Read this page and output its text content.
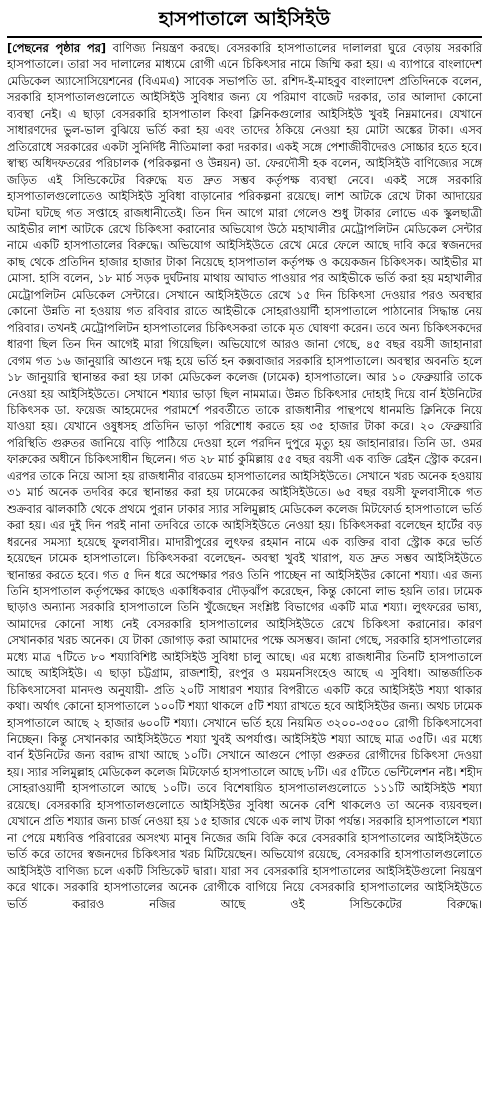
হাসপাতালে আইসিইউ

[পেছনের পৃষ্ঠার পর] বাণিজ্য নিয়ন্ত্রণ করছে। বেসরকারি হাসপাতালের দালালরা ঘুরে বেড়ায় সরকারি হাসপাতালে। তারা সব দালালের মাধ্যমে রোগী এনে চিকিৎসার নামে জিম্মি করা হয়। এ ব্যাপারে বাংলাদেশ মেডিকেল অ্যাসোসিয়েশনের (বিএমএ) সাবেক সভাপতি ডা. রশিদ-ই-মাহবুব বাংলাদেশ প্রতিদিনকে বলেন, সরকারি হাসপাতালগুলোতে আইসিইউ সুবিধার জন্য যে পরিমাণ বাজেট দরকার, তার আলাদা কোনো ব্যবস্থা নেই। এ ছাড়া বেসরকারি হাসপাতাল কিংবা ক্লিনিকগুলোর আইসিইউ খুবই নিম্নমানের। যেখানে সাধারণদের ভুল-ভাল বুঝিয়ে ভর্তি করা হয় এবং তাদের ঠকিয়ে নেওয়া হয় মোটা অঙ্কের টাকা। এসব প্রতিরোধে সরকারের একটা সুনির্দিষ্ট নীতিমালা করা দরকার। একই সঙ্গে পেশাজীবীদেরও সোচ্চার হতে হবে। স্বাস্থ্য অধিদফতরের পরিচালক (পরিকল্পনা ও উন্নয়ন) ডা. ফেরদৌসী হক বলেন, আইসিইউ বাণিজ্যের সঙ্গে জড়িত এই সিন্ডিকেটের বিরুদ্ধে যত দ্রুত সম্ভব কর্তৃপক্ষ ব্যবস্থা নেবে। একই সঙ্গে সরকারি হাসপাতালগুলোতেও আইসিইউ সুবিধা বাড়ানোর পরিকল্পনা রয়েছে। লাশ আটকে রেখে টাকা আদায়ের ঘটনা ঘটছে গত সপ্তাহে রাজধানীতেই। তিন দিন আগে মারা গেলেও শুধু টাকার লোভে এক স্কুলছাত্রী আইভীর লাশ আটকে রেখে চিকিৎসা করানোর অভিযোগ উঠে মহাখালীর মেট্রোপলিটন মেডিকেল সেন্টার নামে একটি হাসপাতালের বিরুদ্ধে। অভিযোগ আইসিইউতে রেখে মেরে ফেলে আছে দাবি করে স্বজনদের কাছ থেকে প্রতিদিন হাজার হাজার টাকা নিয়েছে হাসপাতাল কর্তৃপক্ষ ও কয়েকজন চিকিৎসক। আইভীর মা মোসা. হাসি বলেন, ১৮ মার্চ সড়ক দুর্ঘটনায় মাথায় আঘাত পাওয়ার পর আইভীকে ভর্তি করা হয় মহাখালীর মেট্রোপলিটন মেডিকেল সেন্টারে। সেখানে আইসিইউতে রেখে ১৫ দিন চিকিৎসা দেওয়ার পরও অবস্থার কোনো উন্নতি না হওয়ায় গত রবিবার রাতে আইভীকে সোহরাওয়ার্দী হাসপাতালে পাঠানোর সিদ্ধান্ত নেয় পরিবার। তখনই মেট্রোপলিটন হাসপাতালের চিকিৎসকরা তাকে মৃত ঘোষণা করেন। তবে অন্য চিকিৎসকদের ধারণা ছিল তিন দিন আগেই মারা গিয়েছিল। অভিযোগে আরও জানা গেছে, ৪৫ বছর বয়সী জাহানারা বেগম গত ১৬ জানুয়ারি আগুনে দগ্ধ হয়ে ভর্তি হন কক্সবাজার সরকারি হাসপাতালে। অবস্থার অবনতি হলে ১৮ জানুয়ারি স্থানান্তর করা হয় ঢাকা মেডিকেল কলেজ (ঢামেক) হাসপাতালে। আর ১০ ফেব্রুয়ারি তাকে নেওয়া হয় আইসিইউতে। সেখানে শয্যার ভাড়া ছিল নামমাত্র। উন্নত চিকিৎসার দোহাই দিয়ে বার্ন ইউনিটের চিকিৎসক ডা. ফয়েজ আহমেদের পরামর্শে পরবর্তীতে তাকে রাজধানীর পান্থপথে ধানমন্ডি ক্লিনিকে নিয়ে যাওয়া হয়। যেখানে ওষুধসহ প্রতিদিন ভাড়া পরিশোধ করতে হয় ৩৫ হাজার টাকা করে। ২০ ফেব্রুয়ারি পরিস্থিতি গুরুতর জানিয়ে বাড়ি পাঠিয়ে দেওয়া হলে পরদিন দুপুরে মৃত্যু হয় জাহানারার। তিনি ডা. ওমর ফারুকের অধীনে চিকিৎসাধীন ছিলেন। গত ২৮ মার্চ কুমিল্লায় ৫৫ বছর বয়সী এক ব্যক্তি ব্রেইন স্ট্রোক করেন। এরপর তাকে নিয়ে আসা হয় রাজধানীর বারডেম হাসপাতালের আইসিইউতে। সেখানে খরচ অনেক হওয়ায় ৩১ মার্চ অনেক তদবির করে স্থানান্তর করা হয় ঢামেকের আইসিইউতে। ৬৫ বছর বয়সী ফুলবাসীকে গত শুক্রবার ঝালকাঠি থেকে প্রথমে পুরান ঢাকার স্যার সলিমুল্লাহ মেডিকেল কলেজ মিটফোর্ড হাসপাতালে ভর্তি করা হয়। এর দুই দিন পরই নানা তদবিরে তাকে আইসিইউতে নেওয়া হয়। চিকিৎসকরা বলেছেন হার্টের বড় ধরনের সমস্যা হয়েছে ফুলবাসীর। মাদারীপুরের লুৎফর রহমান নামে এক ব্যক্তির বাবা স্ট্রোক করে ভর্তি হয়েছেন ঢামেক হাসপাতালে। চিকিৎসকরা বলেছেন- অবস্থা খুবই খারাপ, যত দ্রুত সম্ভব আইসিইউতে স্থানান্তর করতে হবে। গত ৫ দিন ধরে অপেক্ষার পরও তিনি পাচ্ছেন না আইসিইউর কোনো শয্যা। এর জন্য তিনি হাসপাতাল কর্তৃপক্ষের কাছেও একাধিকবার দৌড়ঝাঁপ করেছেন, কিন্তু কোনো লাভ হয়নি তার। ঢামেক ছাড়াও অন্যান্য সরকারি হাসপাতালে তিনি খুঁজেছেন সংশ্লিষ্ট বিভাগের একটি মাত্র শয্যা। লুৎফরের ভাষ্য, আমাদের কোনো সাধ্য নেই বেসরকারি হাসপাতালের আইসিইউতে রেখে চিকিৎসা করানোর। কারণ সেখানকার খরচ অনেক। যে টাকা জোগাড় করা আমাদের পক্ষে অসম্ভব। জানা গেছে, সরকারি হাসপাতালের মধ্যে মাত্র ৭টিতে ৮০ শয্যাবিশিষ্ট আইসিইউ সুবিধা চালু আছে। এর মধ্যে রাজধানীর তিনটি হাসপাতালে আছে আইসিইউ। এ ছাড়া চট্টগ্রাম, রাজশাহী, রংপুর ও ময়মনসিংহেও আছে এ সুবিধা। আন্তর্জাতিক চিকিৎসাসেবা মানদণ্ড অনুযায়ী- প্রতি ২০টি সাধারণ শয্যার বিপরীতে একটি করে আইসিইউ শয্যা থাকার কথা। অর্থাৎ কোনো হাসপাতালে ১০০টি শয্যা থাকলে ৫টি শয্যা রাখতে হবে আইসিইউর জন্য। অথচ ঢামেক হাসপাতালে আছে ২ হাজার ৬০০টি শয্যা। সেখানে ভর্তি হয়ে নিয়মিত ৩২০০-৩৫০০ রোগী চিকিৎসাসেবা নিচ্ছেন। কিন্তু সেখানকার আইসিইউতে শয্যা খুবই অপর্যাপ্ত। আইসিইউ শয্যা আছে মাত্র ৩৫টি। এর মধ্যে বার্ন ইউনিটের জন্য বরাদ্দ রাখা আছে ১০টি। সেখানে আগুনে পোড়া গুরুতর রোগীদের চিকিৎসা দেওয়া হয়। স্যার সলিমুল্লাহ মেডিকেল কলেজ মিটফোর্ড হাসপাতালে আছে ৮টি। এর ৫টিতে ভেন্টিলেশন নষ্ট। শহীদ সোহরাওয়ার্দী হাসপাতালে আছে ১০টি। তবে বিশেষায়িত হাসপাতালগুলোতে ১১১টি আইসিইউ শয্যা রয়েছে। বেসরকারি হাসপাতালগুলোতে আইসিইউর সুবিধা অনেক বেশি থাকলেও তা অনেক ব্যয়বহুল। যেখানে প্রতি শয্যার জন্য চার্জ নেওয়া হয় ১৫ হাজার থেকে এক লাখ টাকা পর্যন্ত। সরকারি হাসপাতালে শয্যা না পেয়ে মধ্যবিত্ত পরিবারের অসংখ্য মানুষ নিজের জমি বিক্রি করে বেসরকারি হাসপাতালের আইসিইউতে ভর্তি করে তাদের স্বজনদের চিকিৎসার খরচ মিটিয়েছেন। অভিযোগ রয়েছে, বেসরকারি হাসপাতালগুলোতে আইসিইউ বাণিজ্য চলে একটি সিন্ডিকেট দ্বারা। যারা সব বেসরকারি হাসপাতালের আইসিইউগুলো নিয়ন্ত্রণ করে থাকে। সরকারি হাসপাতালের অনেক রোগীকে বাগিয়ে নিয়ে বেসরকারি হাসপাতালের আইসিইউতে ভর্তি করারও নজির আছে ওই সিন্ডিকেটের বিরুদ্ধে।
